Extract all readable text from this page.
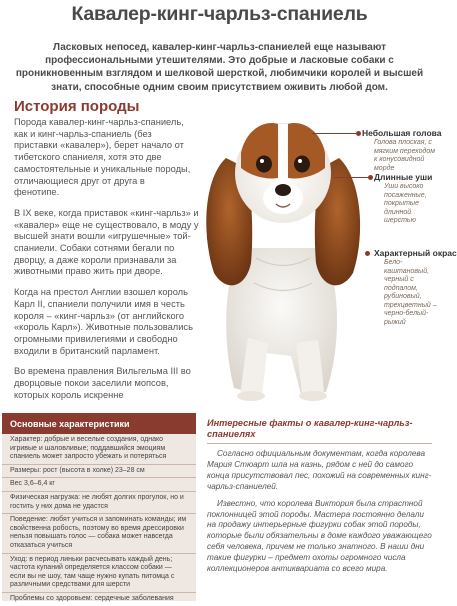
Кавалер-кинг-чарльз-спаниель
Ласковых непосед, кавалер-кинг-чарльз-спаниелей еще называют профессиональными утешителями. Это добрые и ласковые собаки с проникновенным взглядом и шелковой шерсткой, любимчики королей и высшей знати, способные одним своим присутствием оживить любой дом.
История породы

Порода кавалер-кинг-чарльз-спаниель, как и кинг-чарльз-спаниель (без приставки «кавалер»), берет начало от тибетского спаниеля, хотя это две самостоятельные и уникальные породы, отличающиеся друг от друга в фенотипе.

В IX веке, когда приставок «кинг-чарльз» и «кавалер» еще не существовало, в моду у высшей знати вошли «игрушечные» той-спаниели. Собаки сотнями бегали по дворцу, а даже короли признавали за животными право жить при дворе.

Когда на престол Англии взошел король Карл II, спаниели получили имя в честь короля – «кинг-чарльз» (от английского «король Карл»). Животные пользовались огромными привилегиями и свободно входили в британский парламент.

Во времена правления Вильгельма III во дворцовые покои заселили мопсов, которых король искренне

Небольшая голова
Голова плоская, с мягким переходом к конусовидной морде
Длинные уши
Уши высоко посаженные, покрытые длинной шерстью
Характерный окрас
Бело-каштановый, черный с подпалом, рубиновый, трехцветный – черно-белый-рыжий
Основные характеристики
Характер: добрые и веселые создания, однако игривые и шаловливые; поддавшийся эмоциям спаниель может запросто убежать и потеряться
Размеры: рост (высота в холке) 23–28 см
Вес 3,6–6,4 кг
Физическая нагрузка: не любят долгих прогулок, но и гостить у них дома не удастся
Поведение: любят учиться и запоминать команды; им свойственна робость, поэтому во время дрессировки нельзя повышать голос — собака может навсегда отказаться учиться
Уход: в период линьки расчесывать каждый день; частота купаний определяется классом собаки — если вы не шоу, там чаще нужно купать питомца с различными средствами для шерсти
Проблемы со здоровьем: сердечные заболевания
Интересные факты о кавалер-кинг-чарльз-спаниелях

Согласно официальным документам, когда королева Мария Стюарт шла на казнь, рядом с ней до самого конца присутствовал пес, похожий на современных кинг-чарльз-спаниелей.

Известно, что королева Виктория была страстной поклонницей этой породы. Мастера постоянно делали на продажу интерьерные фигурки собак этой породы, которые были обязательны в доме каждого уважающего себя человека, причем не только знатного. В наши дни такие фигурки – предмет охоты огромного числа коллекционеров антиквариата со всего мира.
